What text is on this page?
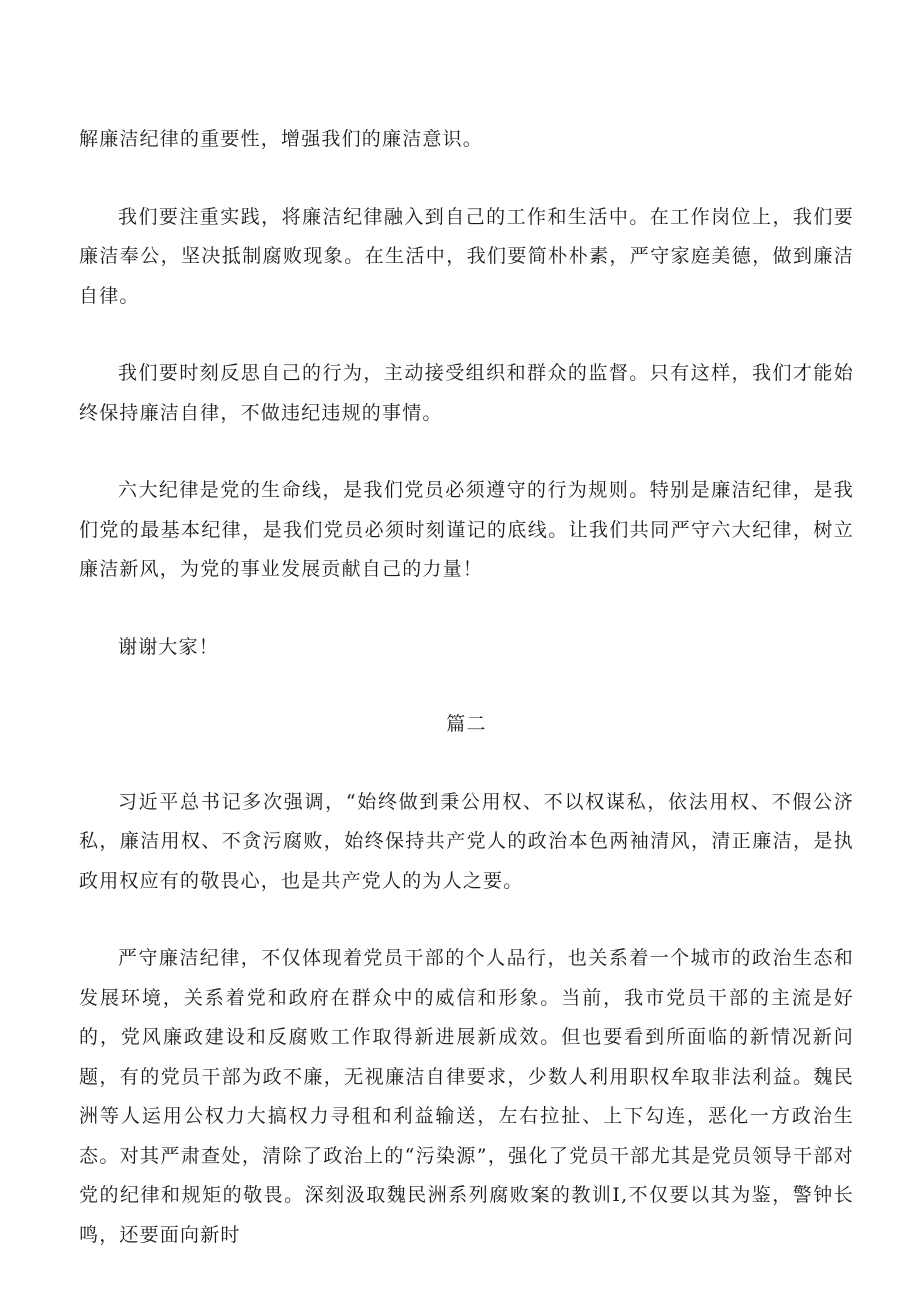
解廉洁纪律的重要性，增强我们的廉洁意识。

我们要注重实践，将廉洁纪律融入到自己的工作和生活中。在工作岗位上，我们要廉洁奉公，坚决抵制腐败现象。在生活中，我们要简朴朴素，严守家庭美德，做到廉洁自律。

我们要时刻反思自己的行为，主动接受组织和群众的监督。只有这样，我们才能始终保持廉洁自律，不做违纪违规的事情。

六大纪律是党的生命线，是我们党员必须遵守的行为规则。特别是廉洁纪律，是我们党的最基本纪律，是我们党员必须时刻谨记的底线。让我们共同严守六大纪律，树立廉洁新风，为党的事业发展贡献自己的力量！

谢谢大家！

篇二

习近平总书记多次强调，“始终做到秉公用权、不以权谋私，依法用权、不假公济私，廉洁用权、不贪污腐败，始终保持共产党人的政治本色两袖清风，清正廉洁，是执政用权应有的敬畏心，也是共产党人的为人之要。

严守廉洁纪律，不仅体现着党员干部的个人品行，也关系着一个城市的政治生态和发展环境，关系着党和政府在群众中的威信和形象。当前，我市党员干部的主流是好的，党风廉政建设和反腐败工作取得新进展新成效。但也要看到所面临的新情况新问题，有的党员干部为政不廉，无视廉洁自律要求，少数人利用职权牟取非法利益。魏民洲等人运用公权力大搞权力寻租和利益输送，左右拉扯、上下勾连，恶化一方政治生态。对其严肃查处，清除了政治上的“污染源”，强化了党员干部尤其是党员领导干部对党的纪律和规矩的敬畏。深刻汲取魏民洲系列腐败案的教训I,不仅要以其为鉴，警钟长鸣，还要面向新时
